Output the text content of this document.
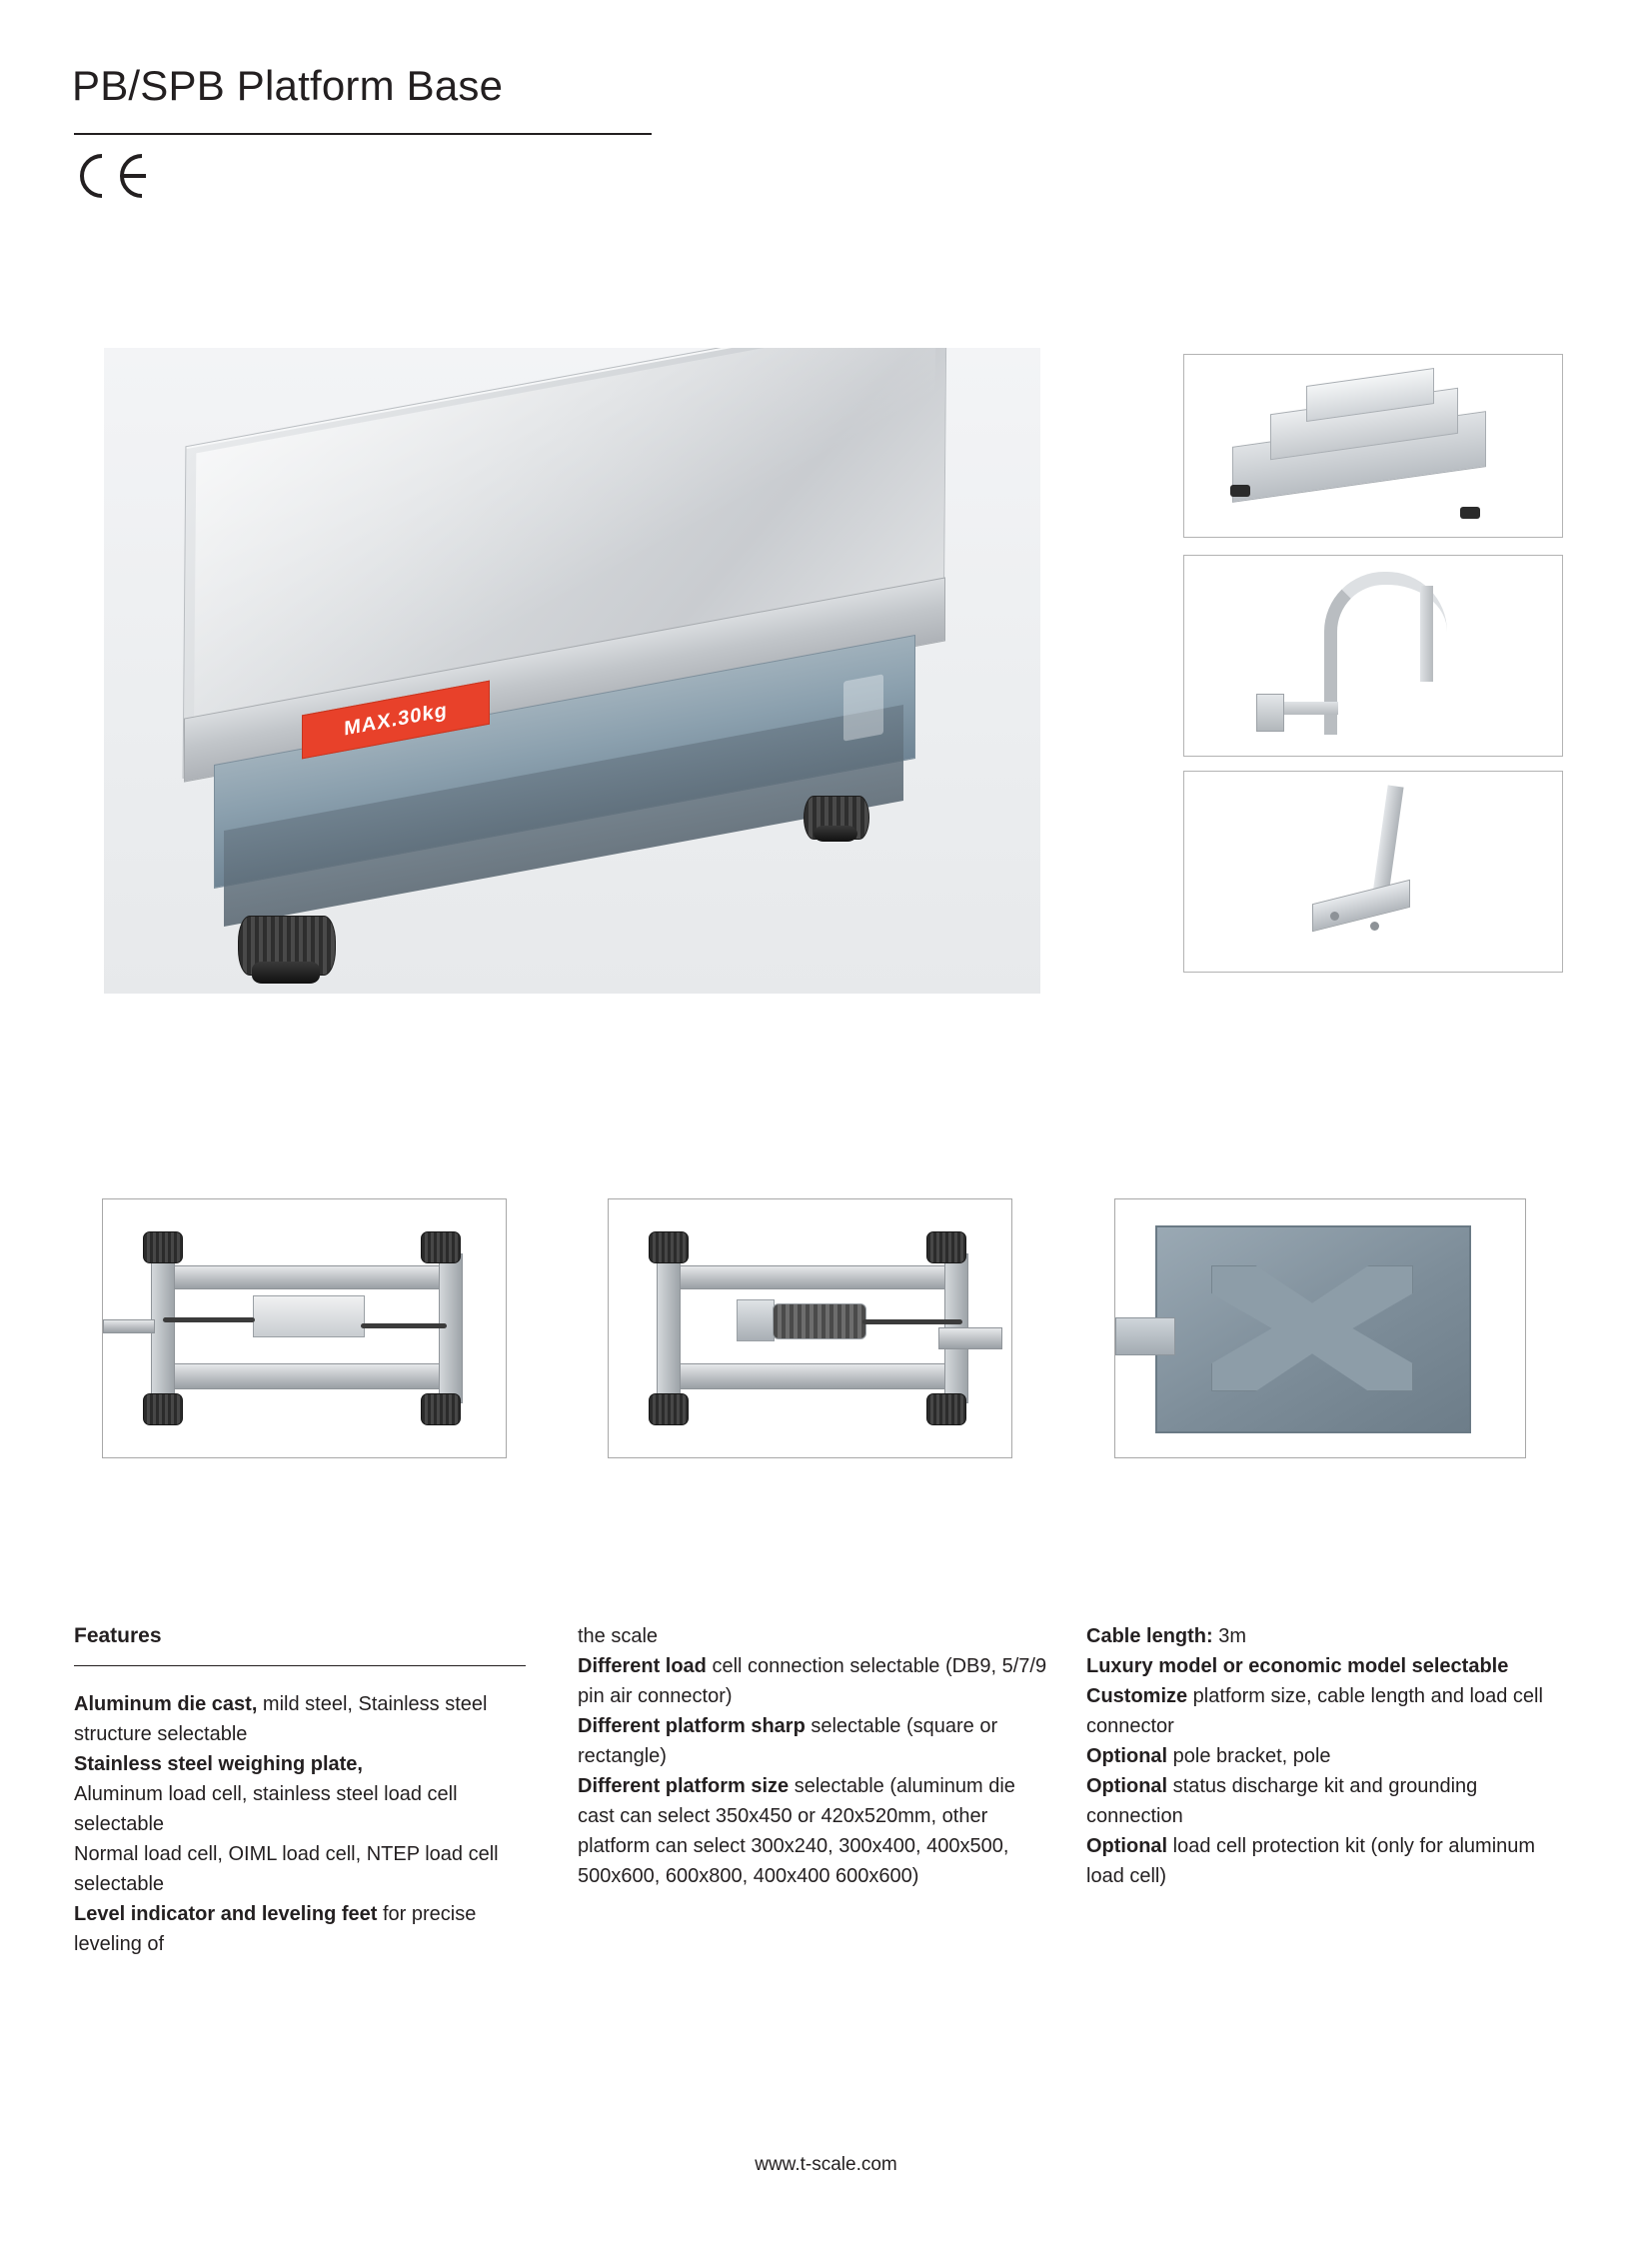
PB/SPB Platform Base
MAX.30kg
Features

Aluminum die cast, mild steel, Stainless steel structure selectable

Stainless steel weighing plate,

Aluminum load cell, stainless steel load cell selectable

Normal load cell, OIML load cell, NTEP load cell selectable

Level indicator and leveling feet for precise leveling of

the scale

Different load cell connection selectable (DB9, 5/7/9 pin air connector)

Different platform sharp selectable (square or rectangle)

Different platform size selectable (aluminum die cast can select 350x450 or 420x520mm, other platform can select 300x240, 300x400, 400x500, 500x600, 600x800, 400x400 600x600)

Cable length: 3m

Luxury model or economic model selectable

Customize platform size, cable length and load cell connector

Optional pole bracket, pole

Optional status discharge kit and grounding connection

Optional load cell protection kit (only for aluminum load cell)

www.t-scale.com
